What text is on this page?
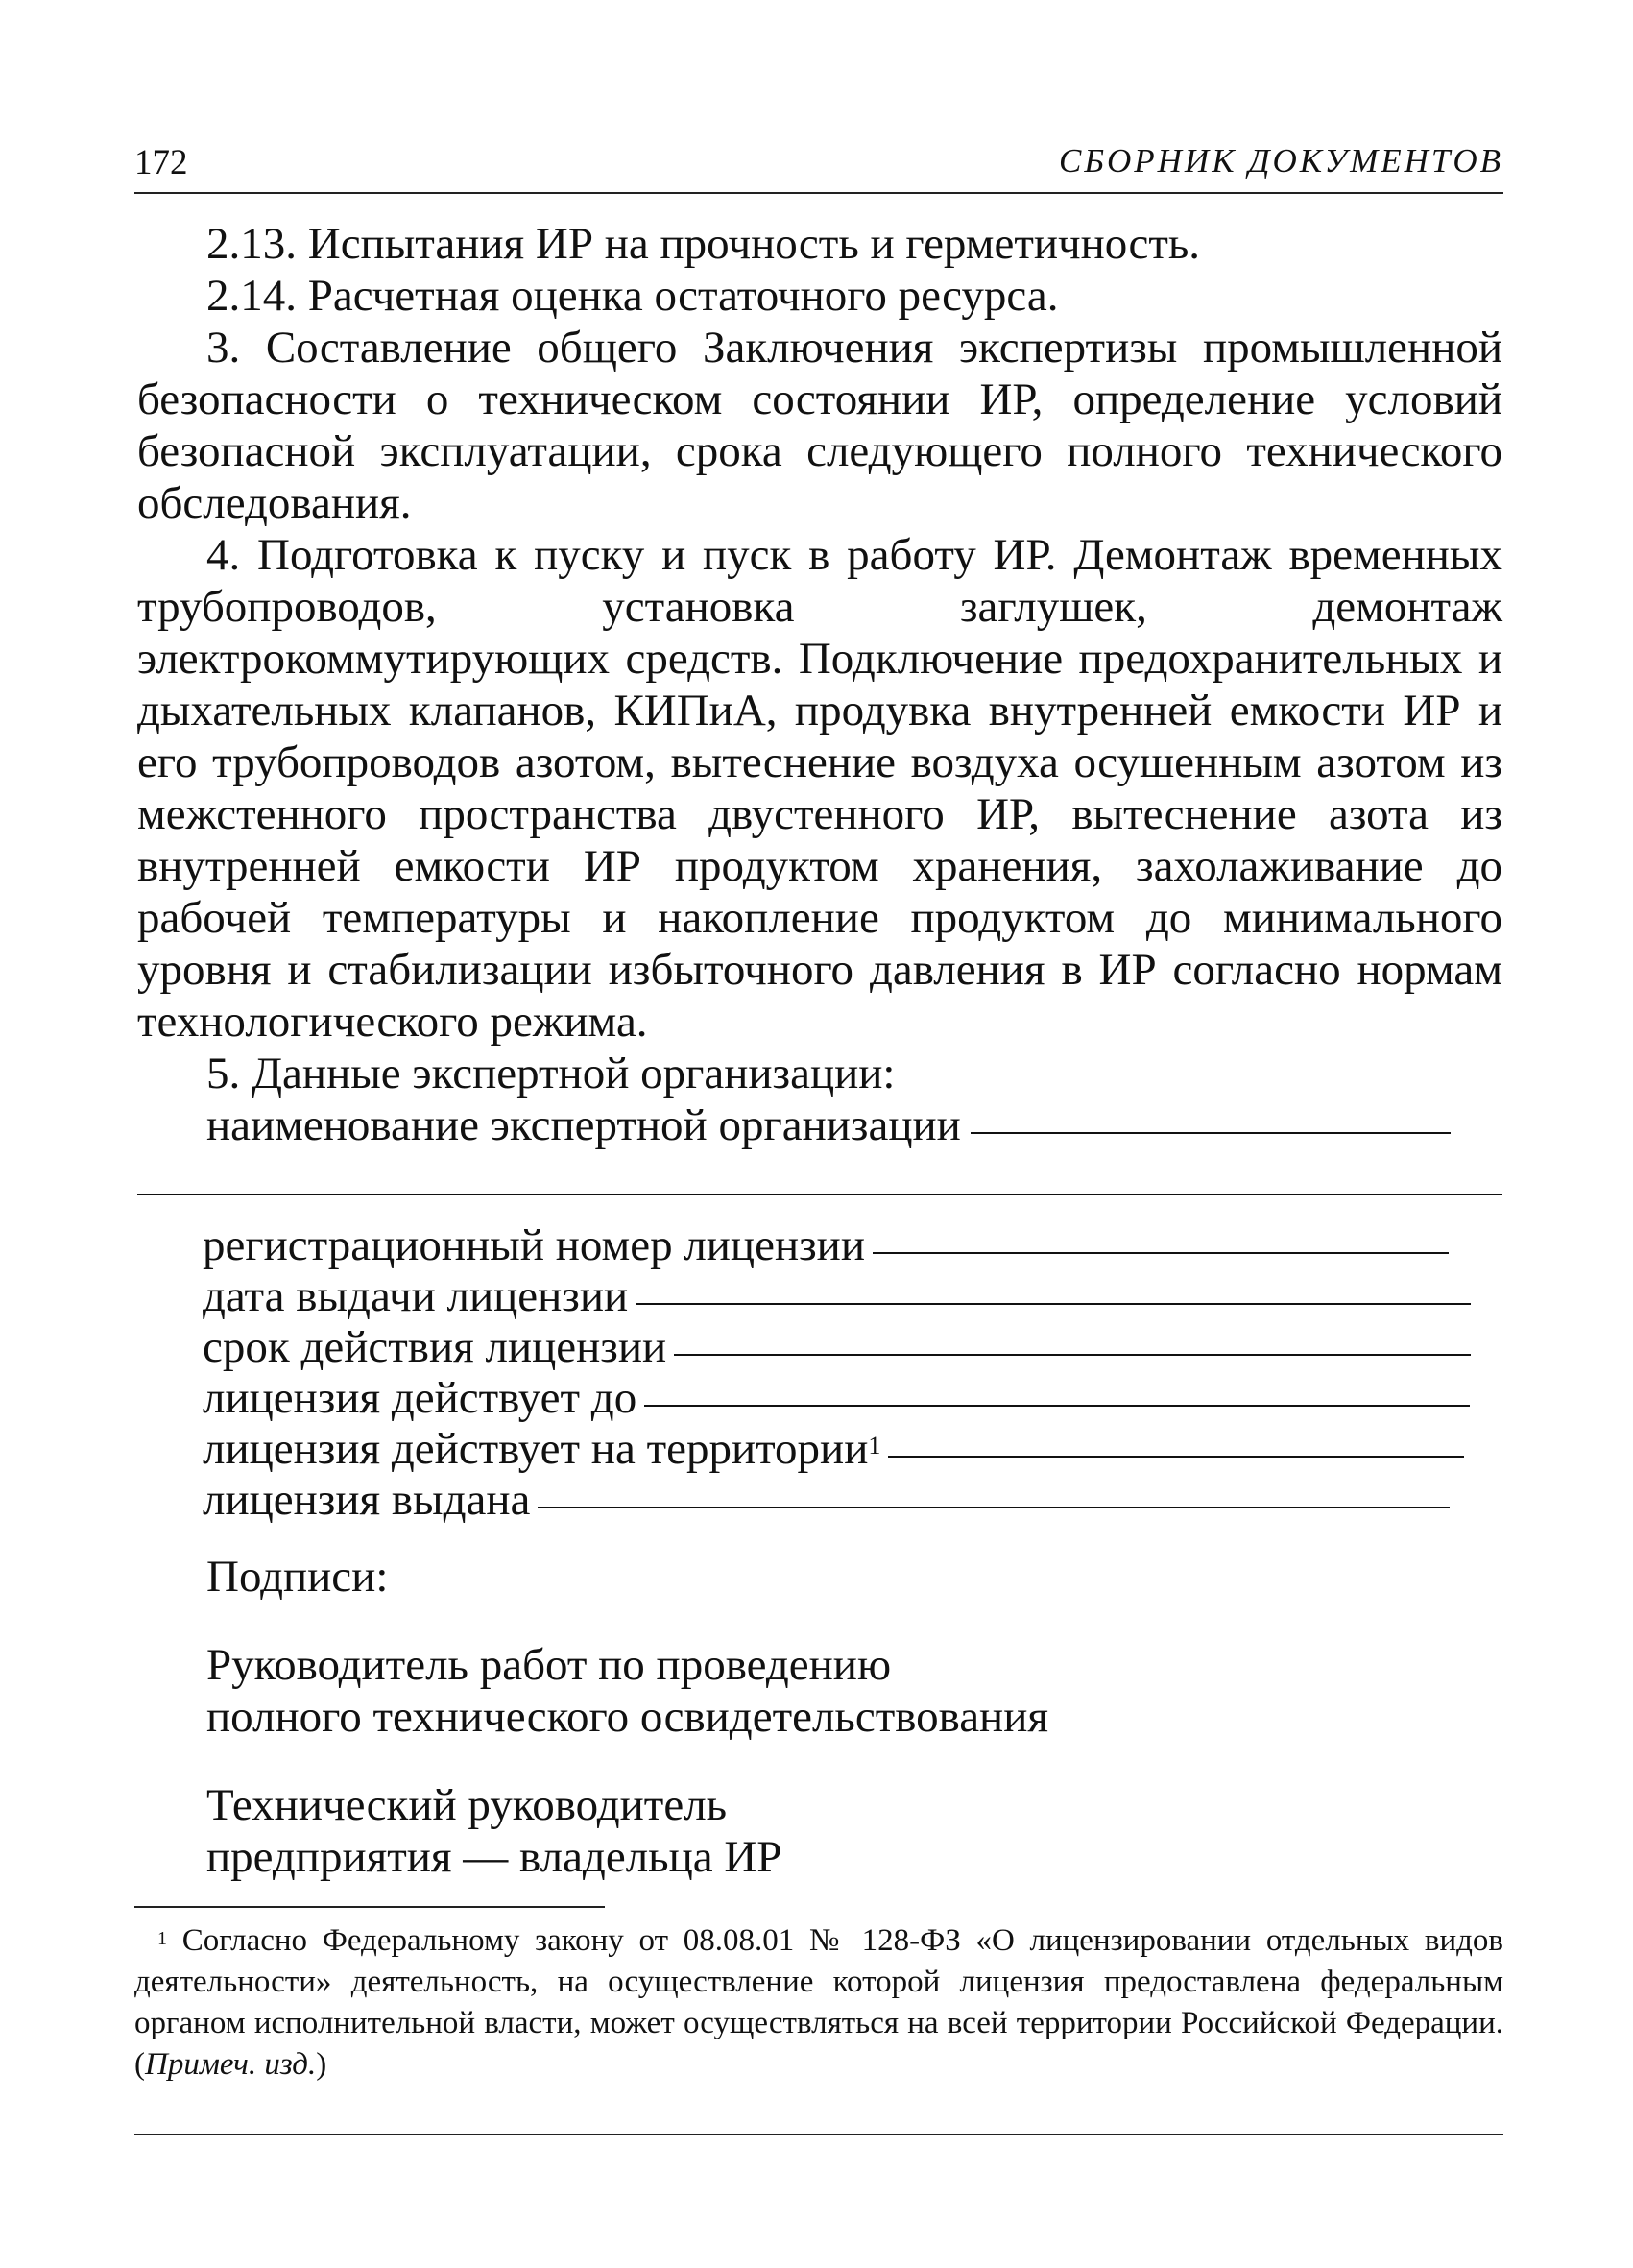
172	СБОРНИК ДОКУМЕНТОВ

2.13. Испытания ИР на прочность и герметичность.

2.14. Расчетная оценка остаточного ресурса.

3. Составление общего Заключения экспертизы промышленной безопасности о техническом состоянии ИР, определение условий безопасной эксплуатации, срока следующего полного технического обследования.

4. Подготовка к пуску и пуск в работу ИР. Демонтаж временных трубопроводов, установка заглушек, демонтаж электрокоммутирующих средств. Подключение предохранительных и дыхательных клапанов, КИПиА, продувка внутренней емкости ИР и его трубопроводов азотом, вытеснение воздуха осушенным азотом из межстенного пространства двустенного ИР, вытеснение азота из внутренней емкости ИР продуктом хранения, захолаживание до рабочей температуры и накопление продуктом до минимального уровня и стабилизации избыточного давления в ИР согласно нормам технологического режима.

5. Данные экспертной организации:

наименование экспертной организации
регистрационный номер лицензии
дата выдачи лицензии
срок действия лицензии
лицензия действует до
лицензия действует на территории$^1$
лицензия выдана
Подписи:
Руководитель работ по проведению
полного технического освидетельствования
Технический руководитель
предприятия — владельца ИР
$^1$ Согласно Федеральному закону от 08.08.01 № 128-ФЗ «О лицензировании отдельных видов деятельности» деятельность, на осуществление которой лицензия предоставлена федеральным органом исполнительной власти, может осуществляться на всей территории Российской Федерации. (Примеч. изд.)
